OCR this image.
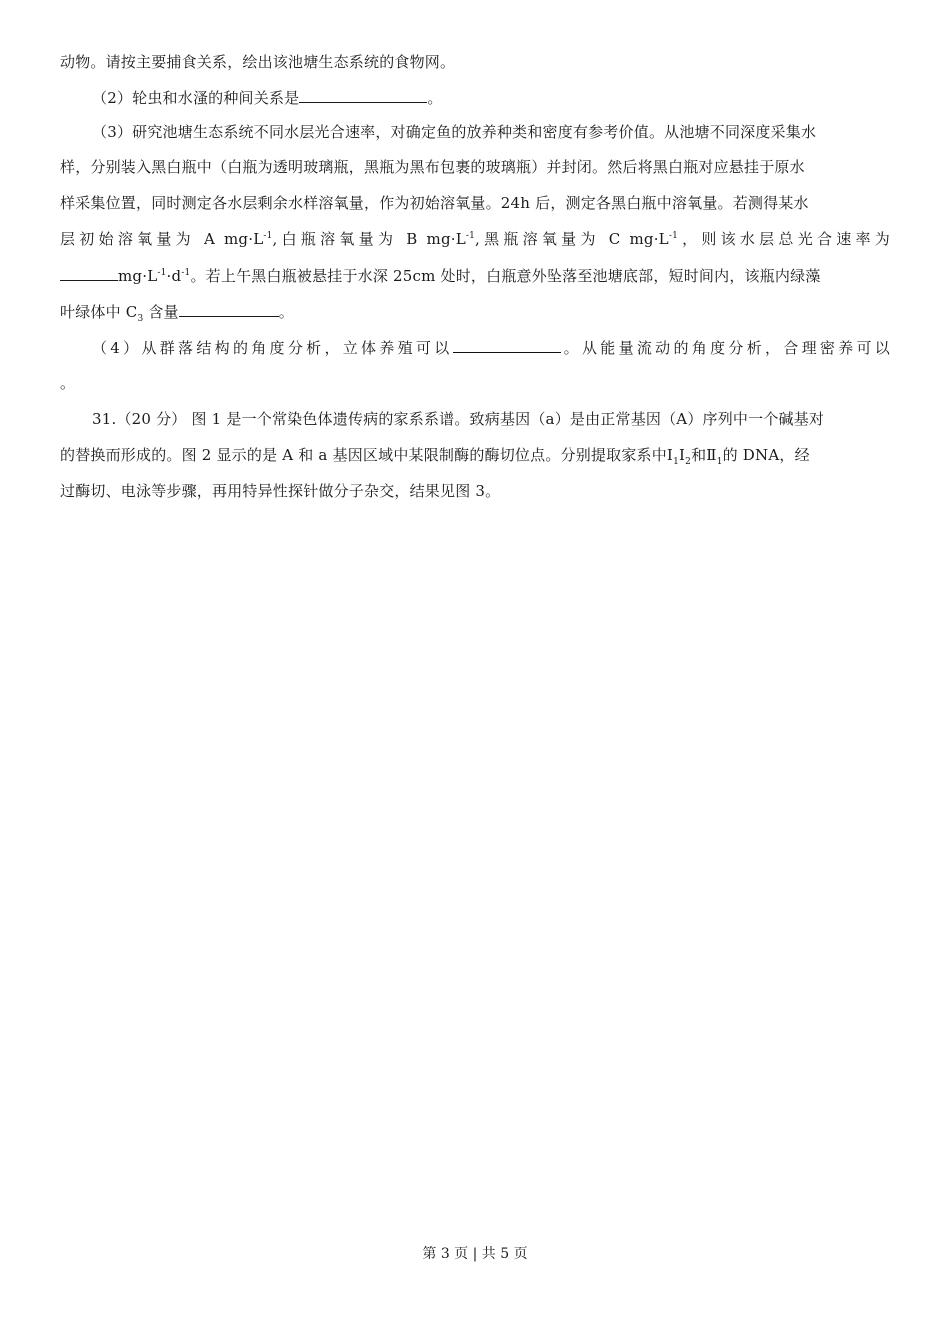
动物。请按主要捕食关系，绘出该池塘生态系统的食物网。
（2）轮虫和水溞的种间关系是	。
（3）研究池塘生态系统不同水层光合速率，对确定鱼的放养种类和密度有参考价值。从池塘不同深度采集水
样，分别装入黑白瓶中（白瓶为透明玻璃瓶，黑瓶为黑布包裹的玻璃瓶）并封闭。然后将黑白瓶对应悬挂于原水
样采集位置，同时测定各水层剩余水样溶氧量，作为初始溶氧量。24h 后，测定各黑白瓶中溶氧量。若测得某水
层初始溶氧量为 A $mg\cdot L^{-1}$,白瓶溶氧量为 B $mg\cdot L^{-1}$,黑瓶溶氧量为 C $mg\cdot L^{-1}$，则该水层总光合速率为
$mg\cdot L^{-1}\cdot d^{-1}$。若上午黑白瓶被悬挂于水深 25cm 处时，白瓶意外坠落至池塘底部，短时间内，该瓶内绿藻
叶绿体中 $C_3$ 含量	。
（4）从群落结构的角度分析，立体养殖可以	。从能量流动的角度分析，合理密养可以
。
31.（20 分） 图 1 是一个常染色体遗传病的家系系谱。致病基因（a）是由正常基因（A）序列中一个碱基对
的替换而形成的。图 2 显示的是 A 和 a 基因区域中某限制酶的酶切位点。分别提取家系中$Ⅰ_1Ⅰ_2$和$Ⅱ_1$的 DNA，经
过酶切、电泳等步骤，再用特异性探针做分子杂交，结果见图 3。
第 3 页 | 共 5 页
